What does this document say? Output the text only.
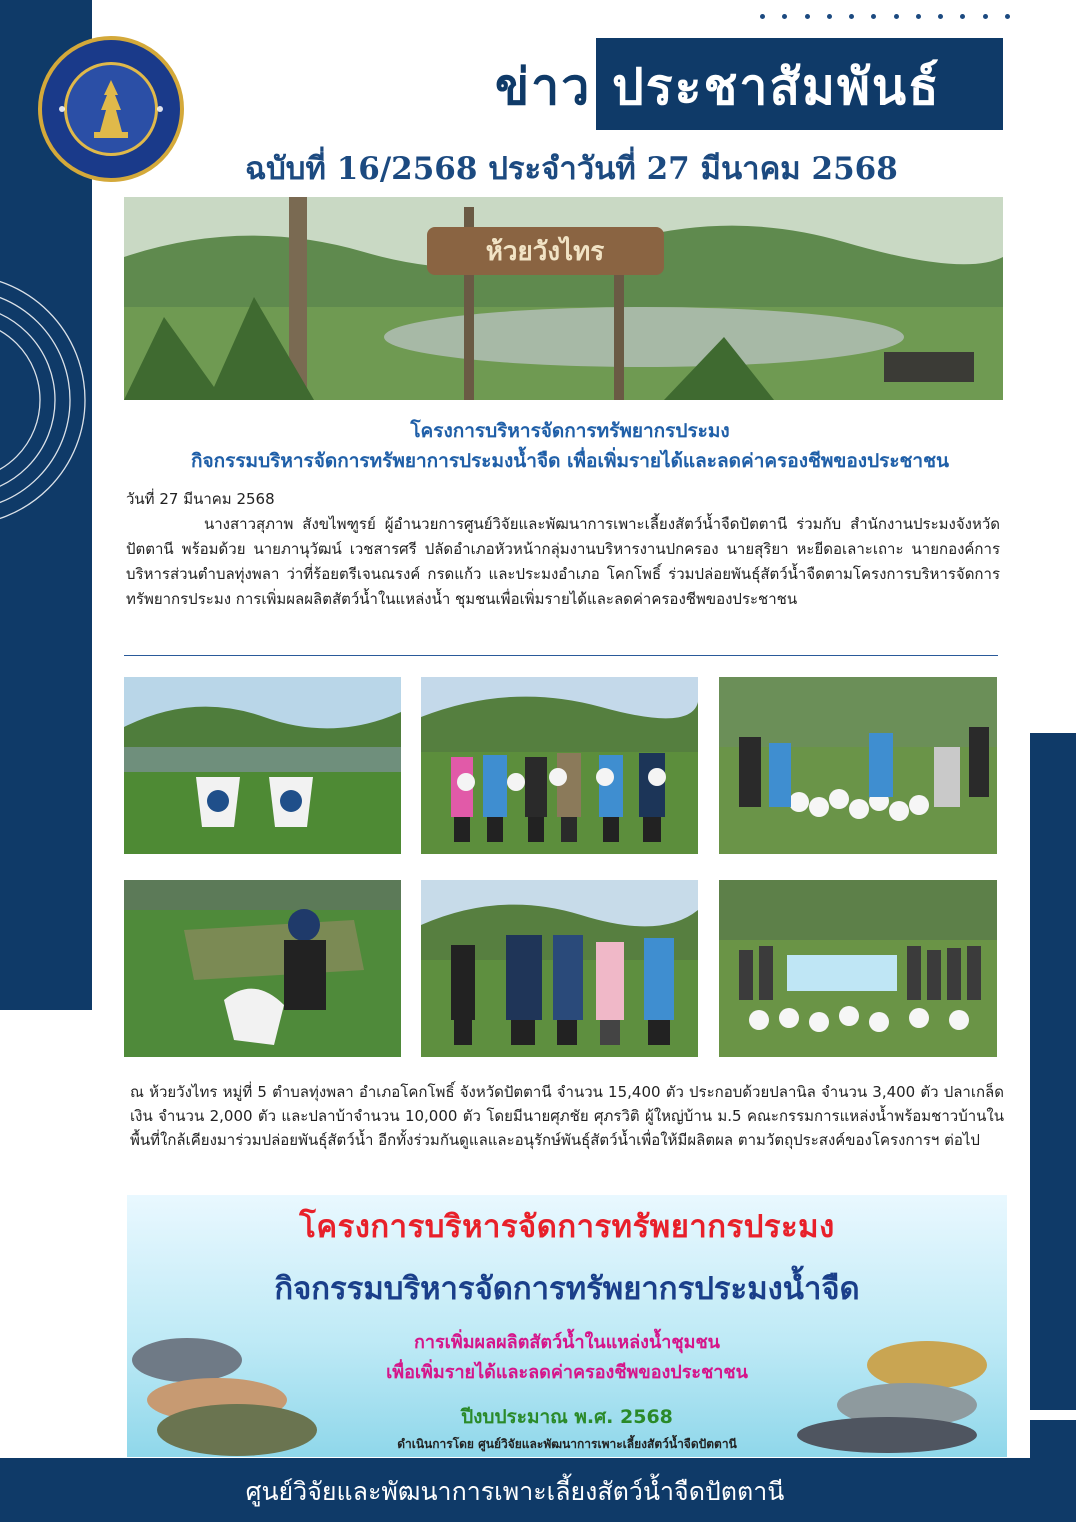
ข่าว ประชาสัมพันธ์
ฉบับที่ 16/2568 ประจำวันที่ 27 มีนาคม 2568
ห้วยวังไทร
โครงการบริหารจัดการทรัพยากรประมง
กิจกรรมบริหารจัดการทรัพยาการประมงน้ำจืด เพื่อเพิ่มรายได้และลดค่าครองชีพของประชาชน
วันที่ 27 มีนาคม 2568
นางสาวสุภาพ สังขไพฑูรย์ ผู้อำนวยการศูนย์วิจัยและพัฒนาการเพาะเลี้ยงสัตว์น้ำจืดปัตตานี ร่วมกับ สำนักงานประมงจังหวัดปัตตานี พร้อมด้วย นายภานุวัฒน์ เวชสารศรี ปลัดอำเภอหัวหน้ากลุ่มงานบริหารงานปกครอง นายสุริยา หะยีดอเลาะเถาะ นายกองค์การบริหารส่วนตำบลทุ่งพลา ว่าที่ร้อยตรีเจนณรงค์ กรดแก้ว และประมงอำเภอ โคกโพธิ์ ร่วมปล่อยพันธุ์สัตว์น้ำจืดตามโครงการบริหารจัดการทรัพยากรประมง การเพิ่มผลผลิตสัตว์น้ำในแหล่งน้ำ ชุมชนเพื่อเพิ่มรายได้และลดค่าครองชีพของประชาชน
ณ ห้วยวังไทร หมู่ที่ 5 ตำบลทุ่งพลา อำเภอโคกโพธิ์ จังหวัดปัตตานี จำนวน 15,400 ตัว ประกอบด้วยปลานิล จำนวน 3,400 ตัว ปลาเกล็ดเงิน จำนวน 2,000 ตัว และปลาบ้าจำนวน 10,000 ตัว โดยมีนายศุภชัย ศุภรวิติ ผู้ใหญ่บ้าน ม.5 คณะกรรมการแหล่งน้ำพร้อมชาวบ้านในพื้นที่ใกล้เคียงมาร่วมปล่อยพันธุ์สัตว์น้ำ อีกทั้งร่วมกันดูแลและอนุรักษ์พันธุ์สัตว์น้ำเพื่อให้มีผลิตผล ตามวัตถุประสงค์ของโครงการฯ ต่อไป
โครงการบริหารจัดการทรัพยากรประมง
กิจกรรมบริหารจัดการทรัพยากรประมงน้ำจืด
การเพิ่มผลผลิตสัตว์น้ำในแหล่งน้ำชุมชน
เพื่อเพิ่มรายได้และลดค่าครองชีพของประชาชน
ปีงบประมาณ พ.ศ. 2568
ดำเนินการโดย ศูนย์วิจัยและพัฒนาการเพาะเลี้ยงสัตว์น้ำจืดปัตตานี
ศูนย์วิจัยและพัฒนาการเพาะเลี้ยงสัตว์น้ำจืดปัตตานี
